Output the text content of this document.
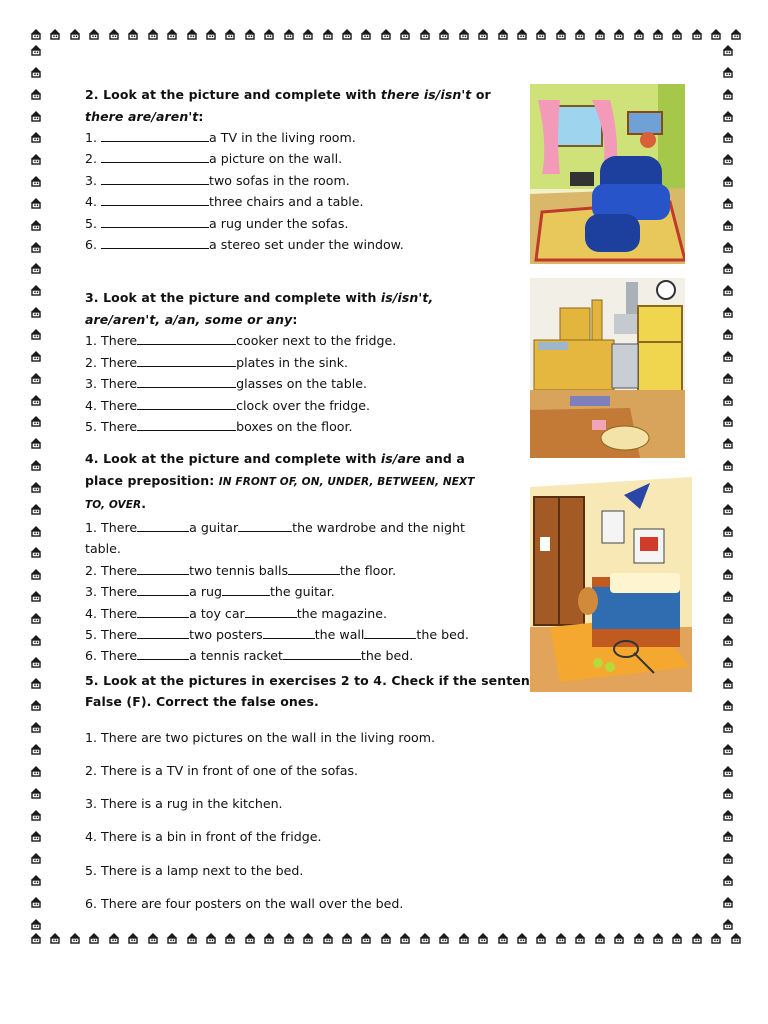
2. Look at the picture and complete with there is/isn't or
there are/aren't:
1.	a TV in the living room.
2.	a picture on the wall.
3.	two sofas in the room.
4.	three chairs and a table.
5.	a rug under the sofas.
6.	a stereo set under the window.
3. Look at the picture and complete with is/isn't,
are/aren't, a/an, some or any:
1. There	cooker next to the fridge.
2. There	plates in the sink.
3. There	glasses on the table.
4. There	clock over the fridge.
5. There	boxes on the floor.
4. Look at the picture and complete with is/are and a
place preposition: IN FRONT OF, ON, UNDER, BETWEEN, NEXT
TO, OVER.
1. There	a guitar	the wardrobe and the night
table.
2. There	two tennis balls	the floor.
3. There	a rug	the guitar.
4. There	a toy car	the magazine.
5. There	two posters	the wall	the bed.
6. There	a tennis racket	the bed.
5. Look at the pictures in exercises 2 to 4. Check if the senten
False (F). Correct the false ones.
1. There are two pictures on the wall in the living room.
2. There is a TV in front of one of the sofas.
3. There is a rug in the kitchen.
4. There is a bin in front of the fridge.
5. There is a lamp next to the bed.
6. There are four posters on the wall over the bed.
